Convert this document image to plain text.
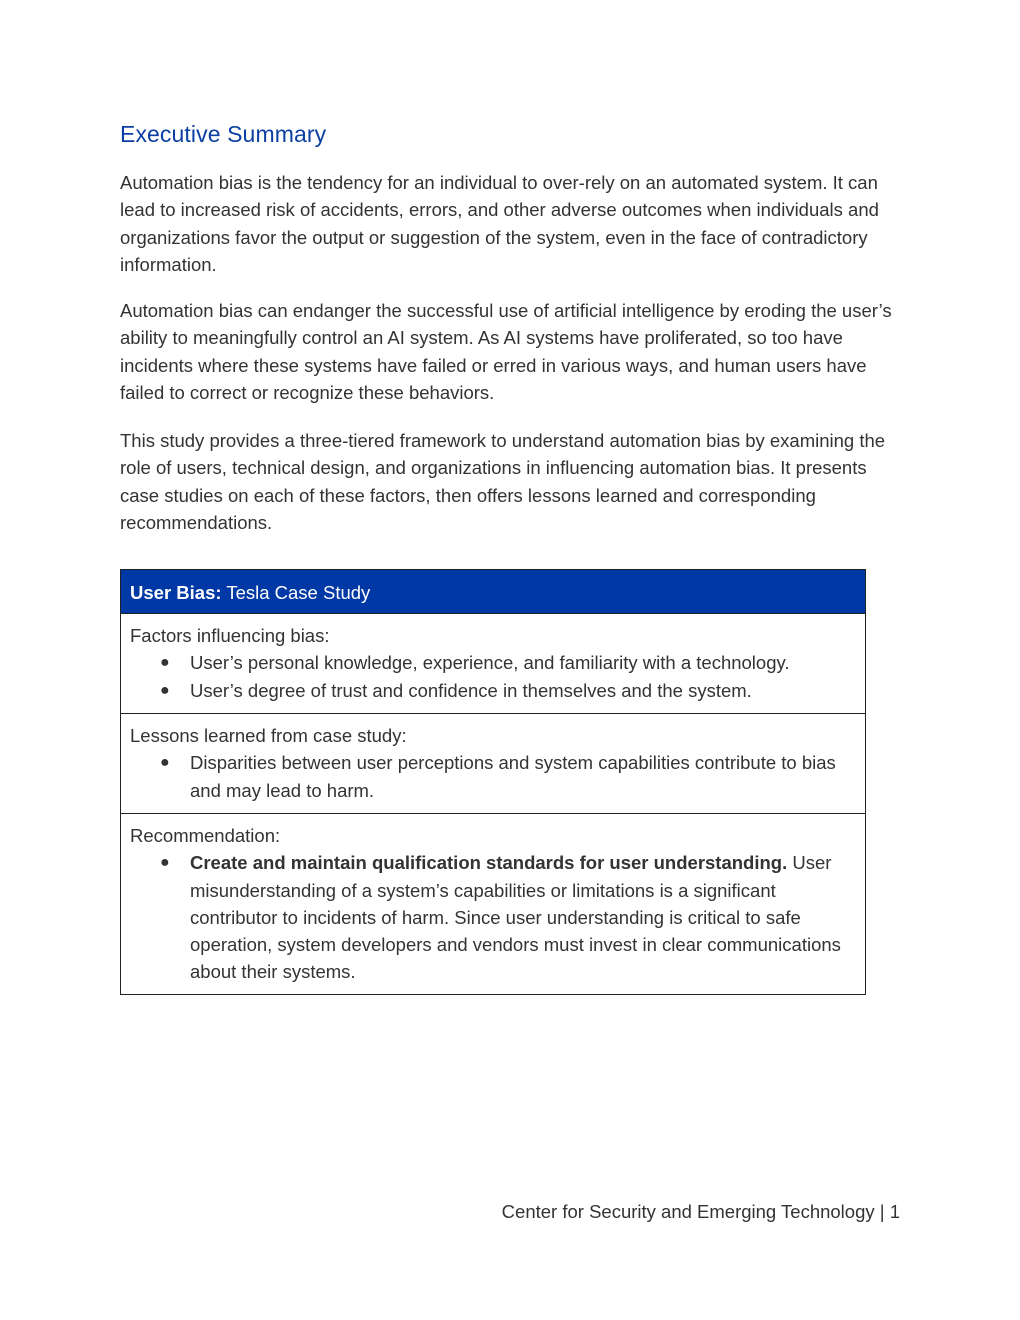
Executive Summary

Automation bias is the tendency for an individual to over-rely on an automated system. It can lead to increased risk of accidents, errors, and other adverse outcomes when individuals and organizations favor the output or suggestion of the system, even in the face of contradictory information.

Automation bias can endanger the successful use of artificial intelligence by eroding the user’s ability to meaningfully control an AI system. As AI systems have proliferated, so too have incidents where these systems have failed or erred in various ways, and human users have failed to correct or recognize these behaviors.

This study provides a three-tiered framework to understand automation bias by examining the role of users, technical design, and organizations in influencing automation bias. It presents case studies on each of these factors, then offers lessons learned and corresponding recommendations.

User Bias: Tesla Case Study
Factors influencing bias:
● User’s personal knowledge, experience, and familiarity with a technology.
● User’s degree of trust and confidence in themselves and the system.
Lessons learned from case study:
● Disparities between user perceptions and system capabilities contribute to bias and may lead to harm.
Recommendation:
● Create and maintain qualification standards for user understanding. User misunderstanding of a system’s capabilities or limitations is a significant contributor to incidents of harm. Since user understanding is critical to safe operation, system developers and vendors must invest in clear communications about their systems.
Center for Security and Emerging Technology | 1
